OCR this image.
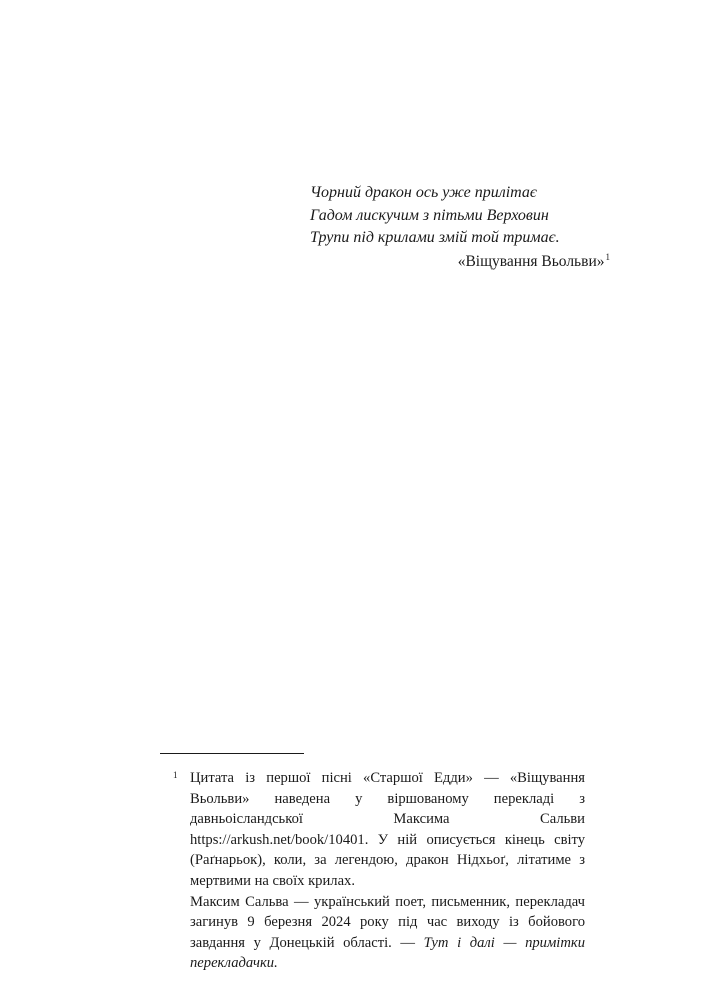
Чорний дракон ось уже прилітає
Гадом лискучим з пітьми Верховин
Трупи під крилами змій той тримає.
«Віщування Вьольви»$^1$
1 Цитата із першої пісні «Старшої Едди» — «Віщування Вьольви» наведена у віршованому перекладі з давньоісландської Максима Сальви https://arkush.net/book/10401. У ній описується кінець світу (Раґнарьок), коли, за легендою, дракон Нідхьоґ, літатиме з мертвими на своїх крилах.

Максим Сальва — український поет, письменник, перекладач загинув 9 березня 2024 року під час виходу із бойового завдання у Донецькій області. — Тут і далі — примітки перекладачки.
